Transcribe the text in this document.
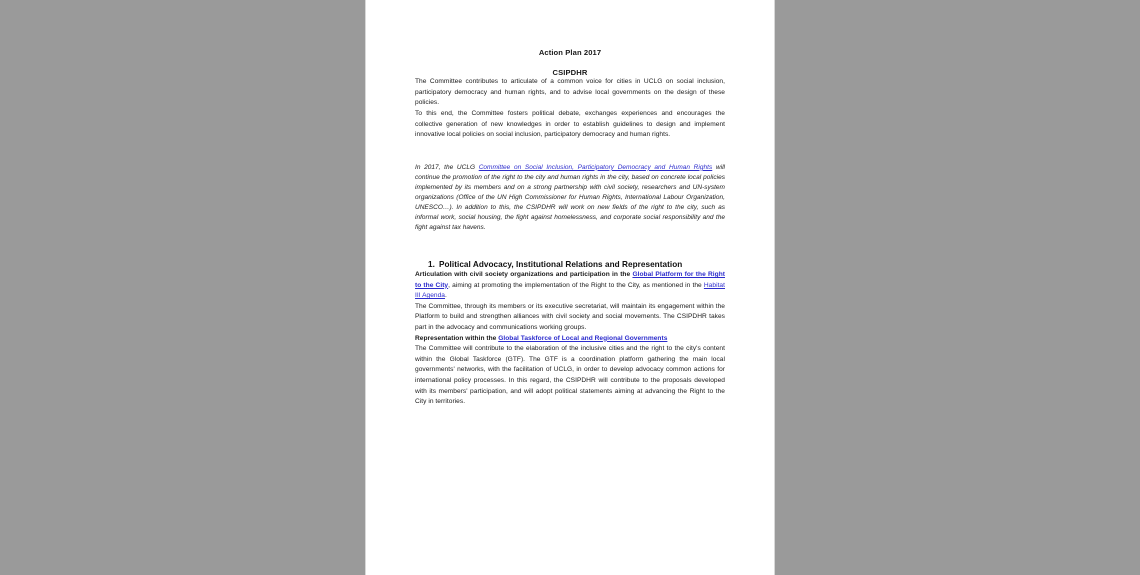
Action Plan 2017
CSIPDHR

The Committee contributes to articulate of a common voice for cities in UCLG on social inclusion, participatory democracy and human rights, and to advise local governments on the design of these policies.

To this end, the Committee fosters political debate, exchanges experiences and encourages the collective generation of new knowledges in order to establish guidelines to design and implement innovative local policies on social inclusion, participatory democracy and human rights.

In 2017, the UCLG Committee on Social Inclusion, Participatory Democracy and Human Rights will continue the promotion of the right to the city and human rights in the city, based on concrete local policies implemented by its members and on a strong partnership with civil society, researchers and UN-system organizations (Office of the UN High Commissioner for Human Rights, International Labour Organization, UNESCO…). In addition to this, the CSIPDHR will work on new fields of the right to the city, such as informal work, social housing, the fight against homelessness, and corporate social responsibility and the fight against tax havens.

1. Political Advocacy, Institutional Relations and Representation

Articulation with civil society organizations and participation in the Global Platform for the Right to the City, aiming at promoting the implementation of the Right to the City, as mentioned in the Habitat III Agenda.

The Committee, through its members or its executive secretariat, will maintain its engagement within the Platform to build and strengthen alliances with civil society and social movements. The CSIPDHR takes part in the advocacy and communications working groups.

Representation within the Global Taskforce of Local and Regional Governments

The Committee will contribute to the elaboration of the inclusive cities and the right to the city's content within the Global Taskforce (GTF). The GTF is a coordination platform gathering the main local governments' networks, with the facilitation of UCLG, in order to develop advocacy common actions for international policy processes. In this regard, the CSIPDHR will contribute to the proposals developed with its members' participation, and will adopt political statements aiming at advancing the Right to the City in territories.
